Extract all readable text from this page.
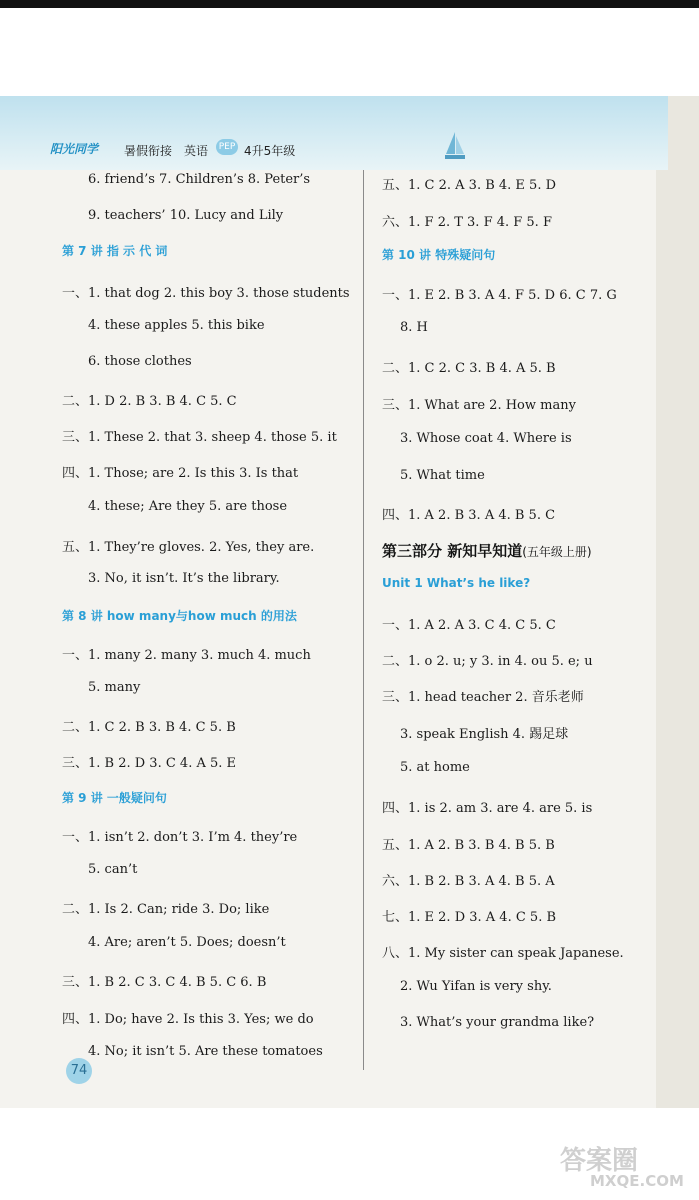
阳光同学 暑假衔接 英语	PEP 4升5年级
6. friend’s 7. Children’s 8. Peter’s
9. teachers’ 10. Lucy and Lily
第 7 讲 指 示 代 词
一、1. that dog 2. this boy 3. those students
4. these apples 5. this bike
6. those clothes
二、1. D 2. B 3. B 4. C 5. C
三、1. These 2. that 3. sheep 4. those 5. it
四、1. Those; are 2. Is this 3. Is that
4. these; Are they 5. are those
五、1. They’re gloves. 2. Yes, they are.
3. No, it isn’t. It’s the library.
第 8 讲 how many与how much 的用法
一、1. many 2. many 3. much 4. much
5. many
二、1. C 2. B 3. B 4. C 5. B
三、1. B 2. D 3. C 4. A 5. E
第 9 讲 一般疑问句
一、1. isn’t 2. don’t 3. I’m 4. they’re
5. can’t
二、1. Is 2. Can; ride 3. Do; like
4. Are; aren’t 5. Does; doesn’t
三、1. B 2. C 3. C 4. B 5. C 6. B
四、1. Do; have 2. Is this 3. Yes; we do
4. No; it isn’t 5. Are these tomatoes
五、1. C 2. A 3. B 4. E 5. D
六、1. F 2. T 3. F 4. F 5. F
第 10 讲 特殊疑问句
一、1. E 2. B 3. A 4. F 5. D 6. C 7. G
8. H
二、1. C 2. C 3. B 4. A 5. B
三、1. What are 2. How many
3. Whose coat 4. Where is
5. What time
四、1. A 2. B 3. A 4. B 5. C
第三部分 新知早知道(五年级上册)
Unit 1 What’s he like?
一、1. A 2. A 3. C 4. C 5. C
二、1. o 2. u; y 3. in 4. ou 5. e; u
三、1. head teacher 2. 音乐老师
3. speak English 4. 踢足球
5. at home
四、1. is 2. am 3. are 4. are 5. is
五、1. A 2. B 3. B 4. B 5. B
六、1. B 2. B 3. A 4. B 5. A
七、1. E 2. D 3. A 4. C 5. B
八、1. My sister can speak Japanese.
2. Wu Yifan is very shy.
3. What’s your grandma like?
74
答案圈
MXQE.COM
